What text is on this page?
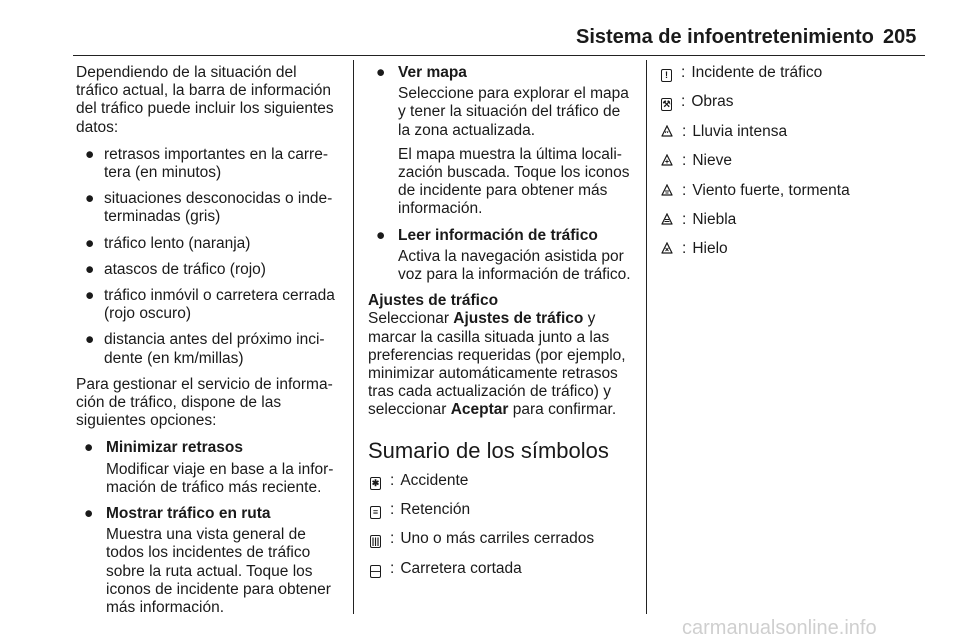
Sistema de infoentretenimiento 205

Dependiendo de la situación del tráfico actual, la barra de información del tráfico puede incluir los siguientes datos:

● retrasos importantes en la carre- tera (en minutos)
● situaciones desconocidas o inde- terminadas (gris)
● tráfico lento (naranja)
● atascos de tráfico (rojo)
● tráfico inmóvil o carretera cerrada (rojo oscuro)
● distancia antes del próximo inci- dente (en km/millas)

Para gestionar el servicio de informa- ción de tráfico, dispone de las siguientes opciones:

● Minimizar retrasos
Modificar viaje en base a la infor- mación de tráfico más reciente.
● Mostrar tráfico en ruta
Muestra una vista general de todos los incidentes de tráfico sobre la ruta actual. Toque los iconos de incidente para obtener más información.
● Ver mapa
Seleccione para explorar el mapa y tener la situación del tráfico de la zona actualizada.
El mapa muestra la última locali- zación buscada. Toque los iconos de incidente para obtener más información.
● Leer información de tráfico
Activa la navegación asistida por voz para la información de tráfico.
Ajustes de tráfico

Seleccionar Ajustes de tráfico y marcar la casilla situada junto a las preferencias requeridas (por ejemplo, minimizar automáticamente retrasos tras cada actualización de tráfico) y seleccionar Aceptar para confirmar.

Sumario de los símbolos
✱ : Accidente
≡ : Retención
||| : Uno o más carriles cerrados
— : Carretera cortada
! : Incidente de tráfico
⚒ : Obras
: Lluvia intensa
: Nieve
: Viento fuerte, tormenta
: Niebla
: Hielo
carmanualsonline.info
